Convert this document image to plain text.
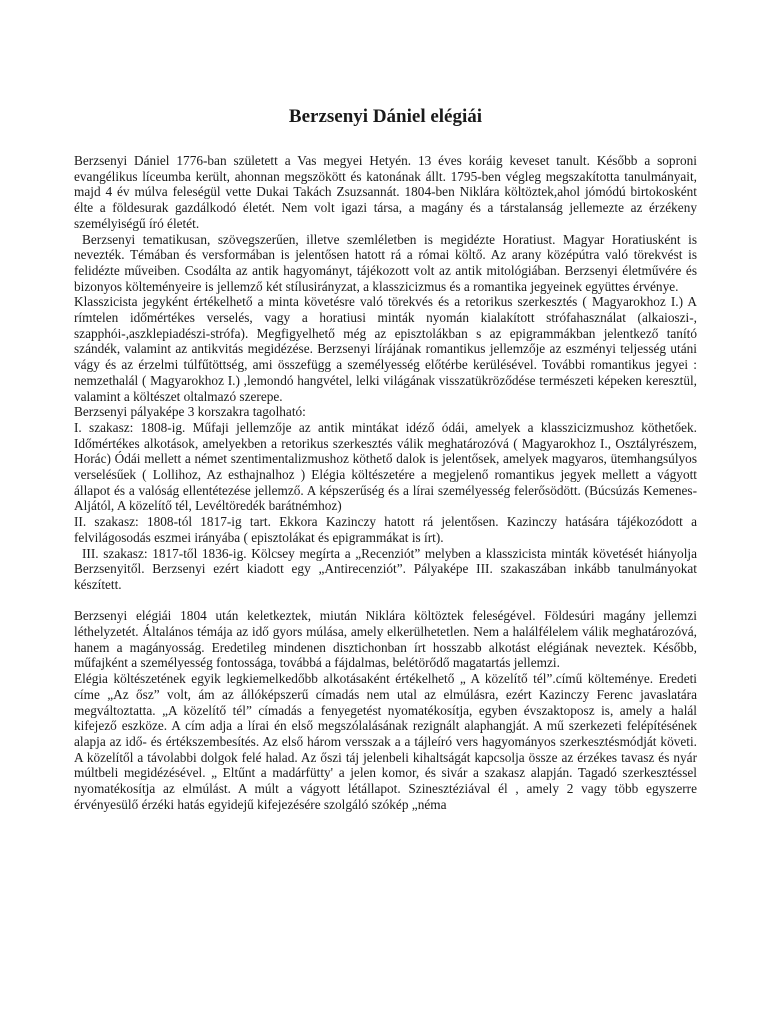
Berzsenyi Dániel elégiái

Berzsenyi Dániel 1776-ban született a Vas megyei Hetyén. 13 éves koráig keveset tanult. Később a soproni evangélikus líceumba került, ahonnan megszökött és katonának állt. 1795-ben végleg megszakította tanulmányait, majd 4 év múlva feleségül vette Dukai Takách Zsuzsannát. 1804-ben Niklára költöztek,ahol jómódú birtokosként élte a földesurak gazdálkodó életét. Nem volt igazi társa, a magány és a társtalanság jellemezte az érzékeny személyiségű író életét.

Berzsenyi tematikusan, szövegszerűen, illetve szemléletben is megidézte Horatiust. Magyar Horatiusként is nevezték. Témában és versformában is jelentősen hatott rá a római költő. Az arany középútra való törekvést is felidézte műveiben. Csodálta az antik hagyományt, tájékozott volt az antik mitológiában. Berzsenyi életművére és bizonyos költeményeire is jellemző két stílusirányzat, a klasszicizmus és a romantika jegyeinek együttes érvénye.

Klasszicista jegyként értékelhető a minta követésre való törekvés és a retorikus szerkesztés ( Magyarokhoz I.) A rímtelen időmértékes verselés, vagy a horatiusi minták nyomán kialakított strófahasználat (alkaioszi-, szapphói-,aszklepiadészi-strófa). Megfigyelhető még az episztolákban s az epigrammákban jelentkező tanító szándék, valamint az antikvitás megidézése. Berzsenyi lírájának romantikus jellemzője az eszményi teljesség utáni vágy és az érzelmi túlfűtöttség, ami összefügg a személyesség előtérbe kerülésével. További romantikus jegyei : nemzethalál ( Magyarokhoz I.) ,lemondó hangvétel, lelki világának visszatükröződése természeti képeken keresztül, valamint a költészet oltalmazó szerepe.

Berzsenyi pályaképe 3 korszakra tagolható:

I. szakasz: 1808-ig. Műfaji jellemzője az antik mintákat idéző ódái, amelyek a klasszicizmushoz köthetőek. Időmértékes alkotások, amelyekben a retorikus szerkesztés válik meghatározóvá ( Magyarokhoz I., Osztályrészem, Horác) Ódái mellett a német szentimentalizmushoz köthető dalok is jelentősek, amelyek magyaros, ütemhangsúlyos verselésűek ( Lollihoz, Az esthajnalhoz ) Elégia költészetére a megjelenő romantikus jegyek mellett a vágyott állapot és a valóság ellentétezése jellemző. A képszerűség és a lírai személyesség felerősödött. (Búcsúzás Kemenes-Aljától, A közelítő tél, Levéltöredék barátnémhoz)

II. szakasz: 1808-tól 1817-ig tart. Ekkora Kazinczy hatott rá jelentősen. Kazinczy hatására tájékozódott a felvilágosodás eszmei irányába ( episztolákat és epigrammákat is írt).

III. szakasz: 1817-től 1836-ig. Kölcsey megírta a „Recenziót” melyben a klasszicista minták követését hiányolja Berzsenyitől. Berzsenyi ezért kiadott egy „Antirecenziót”. Pályaképe III. szakaszában inkább tanulmányokat készített.

Berzsenyi elégiái 1804 után keletkeztek, miután Niklára költöztek feleségével. Földesúri magány jellemzi léthelyzetét. Általános témája az idő gyors múlása, amely elkerülhetetlen. Nem a halálfélelem válik meghatározóvá, hanem a magányosság. Eredetileg mindenen disztichonban írt hosszabb alkotást elégiának neveztek. Később, műfajként a személyesség fontossága, továbbá a fájdalmas, belétörődő magatartás jellemzi.

Elégia költészetének egyik legkiemelkedőbb alkotásaként értékelhető „ A közelítő tél”.című költeménye. Eredeti címe „Az ősz” volt, ám az állóképszerű címadás nem utal az elmúlásra, ezért Kazinczy Ferenc javaslatára megváltoztatta. „A közelítő tél” címadás a fenyegetést nyomatékosítja, egyben évszaktoposz is, amely a halál kifejező eszköze. A cím adja a lírai én első megszólalásának rezignált alaphangját. A mű szerkezeti felépítésének alapja az idő- és értékszembesítés. Az első három versszak a a tájleíró vers hagyományos szerkesztésmódját követi. A közelítől a távolabbi dolgok felé halad. Az őszi táj jelenbeli kihaltságát kapcsolja össze az érzékes tavasz és nyár múltbeli megidézésével. „ Eltűnt a madárfütty' a jelen komor, és sivár a szakasz alapján. Tagadó szerkesztéssel nyomatékosítja az elmúlást. A múlt a vágyott létállapot. Szinesztéziával él , amely 2 vagy több egyszerre érvényesülő érzéki hatás egyidejű kifejezésére szolgáló szókép „néma
